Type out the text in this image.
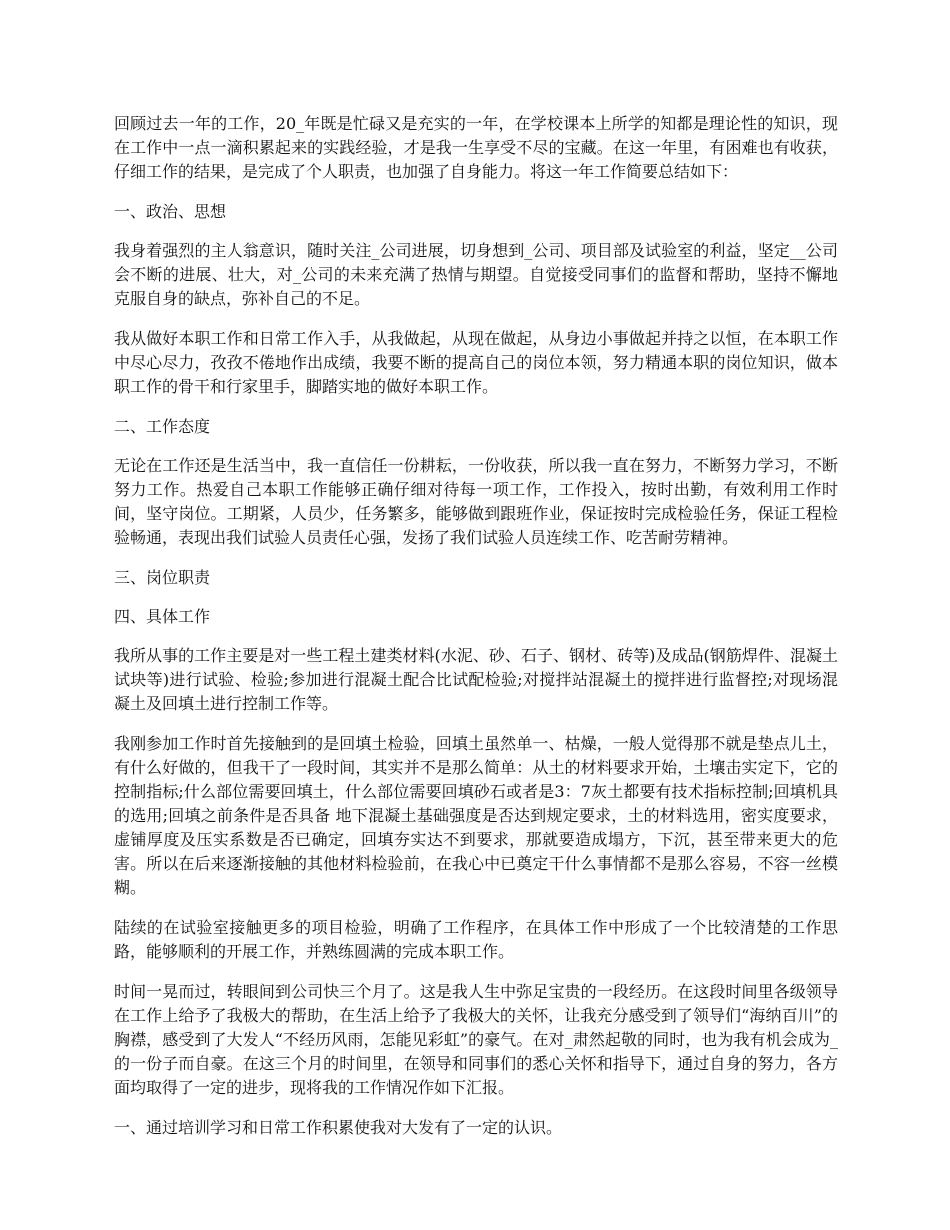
回顾过去一年的工作，20_年既是忙碌又是充实的一年，在学校课本上所学的知都是理论性的知识，现在工作中一点一滴积累起来的实践经验，才是我一生享受不尽的宝藏。在这一年里，有困难也有收获，仔细工作的结果，是完成了个人职责，也加强了自身能力。将这一年工作简要总结如下：

一、政治、思想

我身着强烈的主人翁意识，随时关注_公司进展，切身想到_公司、项目部及试验室的利益，坚定__公司会不断的进展、壮大，对_公司的未来充满了热情与期望。自觉接受同事们的监督和帮助，坚持不懈地克服自身的缺点，弥补自己的不足。

我从做好本职工作和日常工作入手，从我做起，从现在做起，从身边小事做起并持之以恒，在本职工作中尽心尽力，孜孜不倦地作出成绩，我要不断的提高自己的岗位本领，努力精通本职的岗位知识，做本职工作的骨干和行家里手，脚踏实地的做好本职工作。

二、工作态度

无论在工作还是生活当中，我一直信任一份耕耘，一份收获，所以我一直在努力，不断努力学习，不断努力工作。热爱自己本职工作能够正确仔细对待每一项工作，工作投入，按时出勤，有效利用工作时间，坚守岗位。工期紧，人员少，任务繁多，能够做到跟班作业，保证按时完成检验任务，保证工程检验畅通，表现出我们试验人员责任心强，发扬了我们试验人员连续工作、吃苦耐劳精神。

三、岗位职责

四、具体工作

我所从事的工作主要是对一些工程土建类材料(水泥、砂、石子、钢材、砖等)及成品(钢筋焊件、混凝土试块等)进行试验、检验;参加进行混凝土配合比试配检验;对搅拌站混凝土的搅拌进行监督控;对现场混凝土及回填土进行控制工作等。

我刚参加工作时首先接触到的是回填土检验，回填土虽然单一、枯燥，一般人觉得那不就是垫点儿土，有什么好做的，但我干了一段时间，其实并不是那么简单：从土的材料要求开始，土壤击实定下，它的控制指标;什么部位需要回填土，什么部位需要回填砂石或者是3：7灰土都要有技术指标控制;回填机具的选用;回填之前条件是否具备 地下混凝土基础强度是否达到规定要求，土的材料选用，密实度要求，虚铺厚度及压实系数是否已确定，回填夯实达不到要求，那就要造成塌方，下沉，甚至带来更大的危害。所以在后来逐渐接触的其他材料检验前，在我心中已奠定干什么事情都不是那么容易，不容一丝模糊。

陆续的在试验室接触更多的项目检验，明确了工作程序，在具体工作中形成了一个比较清楚的工作思路，能够顺利的开展工作，并熟练圆满的完成本职工作。

时间一晃而过，转眼间到公司快三个月了。这是我人生中弥足宝贵的一段经历。在这段时间里各级领导在工作上给予了我极大的帮助，在生活上给予了我极大的关怀，让我充分感受到了领导们“海纳百川”的胸襟，感受到了大发人“不经历风雨，怎能见彩虹”的豪气。在对_肃然起敬的同时，也为我有机会成为_的一份子而自豪。在这三个月的时间里，在领导和同事们的悉心关怀和指导下，通过自身的努力，各方面均取得了一定的进步，现将我的工作情况作如下汇报。

一、通过培训学习和日常工作积累使我对大发有了一定的认识。
